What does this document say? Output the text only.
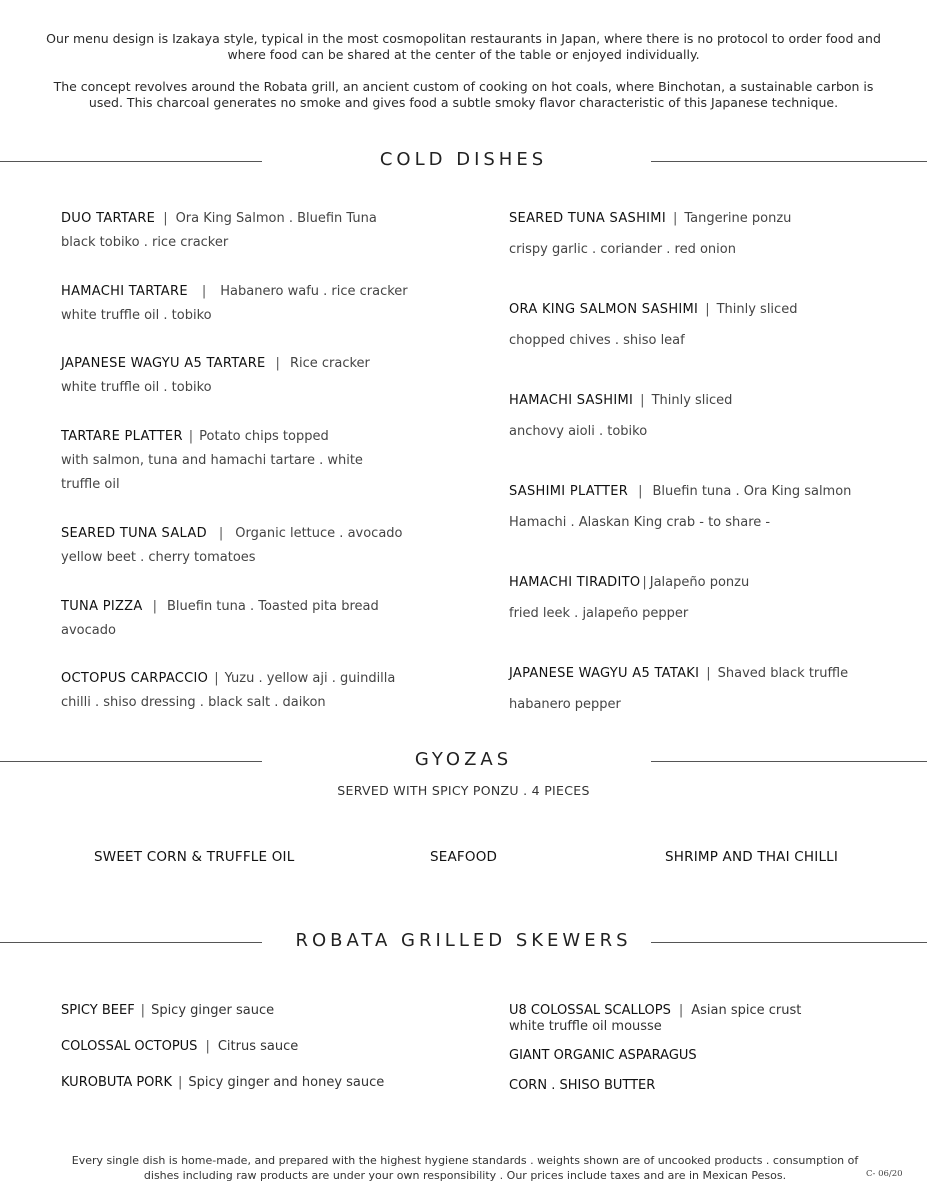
Our menu design is Izakaya style, typical in the most cosmopolitan restaurants in Japan, where there is no protocol to order food and where food can be shared at the center of the table or enjoyed individually.

The concept revolves around the Robata grill, an ancient custom of cooking on hot coals, where Binchotan, a sustainable carbon is used. This charcoal generates no smoke and gives food a subtle smoky flavor characteristic of this Japanese technique.

COLD DISHES
DUO TARTARE | Ora King Salmon . Bluefin Tuna
black tobiko . rice cracker
HAMACHI TARTARE | Habanero wafu . rice cracker
white truffle oil . tobiko
JAPANESE WAGYU A5 TARTARE | Rice cracker
white truffle oil . tobiko
TARTARE PLATTER | Potato chips topped
with salmon, tuna and hamachi tartare . white truffle oil
SEARED TUNA SALAD | Organic lettuce . avocado
yellow beet . cherry tomatoes
TUNA PIZZA | Bluefin tuna . Toasted pita bread
avocado
OCTOPUS CARPACCIO | Yuzu . yellow aji . guindilla
chilli . shiso dressing . black salt . daikon
SEARED TUNA SASHIMI | Tangerine ponzu
crispy garlic . coriander . red onion
ORA KING SALMON SASHIMI | Thinly sliced
chopped chives . shiso leaf
HAMACHI SASHIMI | Thinly sliced
anchovy aioli . tobiko
SASHIMI PLATTER | Bluefin tuna . Ora King salmon
Hamachi . Alaskan King crab - to share -
HAMACHI TIRADITO | Jalapeño ponzu
fried leek . jalapeño pepper
JAPANESE WAGYU A5 TATAKI | Shaved black truffle
habanero pepper
GYOZAS
SERVED WITH SPICY PONZU . 4 PIECES
SWEET CORN & TRUFFLE OIL	SEAFOOD	SHRIMP AND THAI CHILLI
ROBATA GRILLED SKEWERS
SPICY BEEF | Spicy ginger sauce
COLOSSAL OCTOPUS | Citrus sauce
KUROBUTA PORK | Spicy ginger and honey sauce
U8 COLOSSAL SCALLOPS | Asian spice crust
white truffle oil mousse
GIANT ORGANIC ASPARAGUS
CORN . SHISO BUTTER
Every single dish is home-made, and prepared with the highest hygiene standards . weights shown are of uncooked products . consumption of dishes including raw products are under your own responsibility . Our prices include taxes and are in Mexican Pesos.	C- 06/20
